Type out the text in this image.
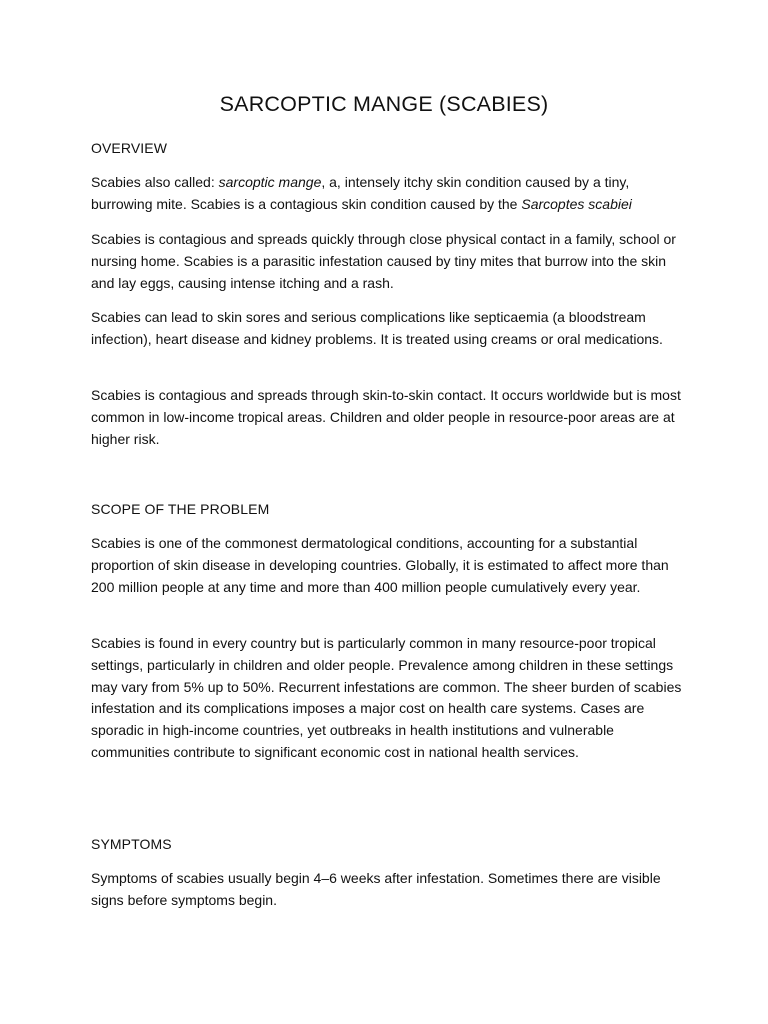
SARCOPTIC MANGE (SCABIES)

OVERVIEW

Scabies also called: sarcoptic mange, a, intensely itchy skin condition caused by a tiny, burrowing mite. Scabies is a contagious skin condition caused by the Sarcoptes scabiei

Scabies is contagious and spreads quickly through close physical contact in a family, school or nursing home. Scabies is a parasitic infestation caused by tiny mites that burrow into the skin and lay eggs, causing intense itching and a rash.

Scabies can lead to skin sores and serious complications like septicaemia (a bloodstream infection), heart disease and kidney problems. It is treated using creams or oral medications.

Scabies is contagious and spreads through skin-to-skin contact. It occurs worldwide but is most common in low-income tropical areas. Children and older people in resource-poor areas are at higher risk.

SCOPE OF THE PROBLEM

Scabies is one of the commonest dermatological conditions, accounting for a substantial proportion of skin disease in developing countries. Globally, it is estimated to affect more than 200 million people at any time and more than 400 million people cumulatively every year.

Scabies is found in every country but is particularly common in many resource-poor tropical settings, particularly in children and older people. Prevalence among children in these settings may vary from 5% up to 50%. Recurrent infestations are common. The sheer burden of scabies infestation and its complications imposes a major cost on health care systems. Cases are sporadic in high-income countries, yet outbreaks in health institutions and vulnerable communities contribute to significant economic cost in national health services.

SYMPTOMS

Symptoms of scabies usually begin 4–6 weeks after infestation. Sometimes there are visible signs before symptoms begin.
